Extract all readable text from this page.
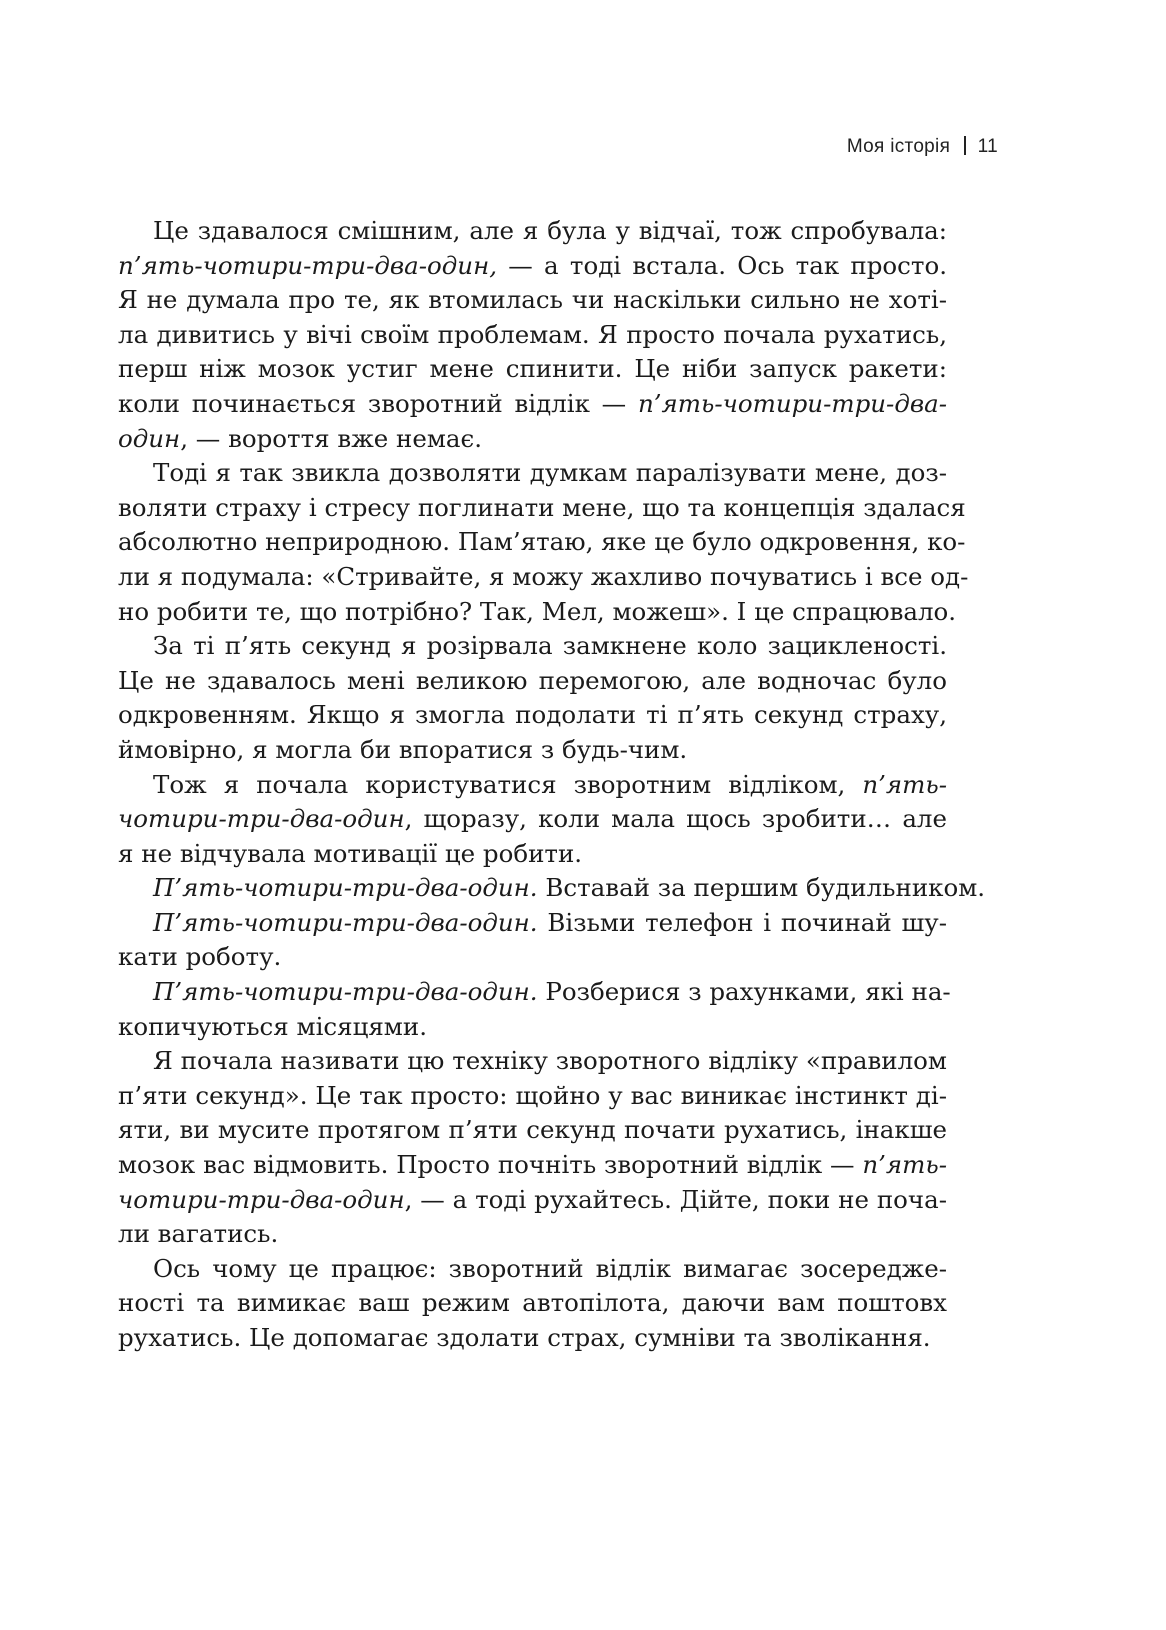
Моя історія 11

Це здавалося смішним, але я була у відчаї, тож спробувала:
п’ять-чотири-три-два-один, — а тоді встала. Ось так просто.
Я не думала про те, як втомилась чи наскільки сильно не хоті-
ла дивитись у вічі своїм проблемам. Я просто почала рухатись,
перш ніж мозок устиг мене спинити. Це ніби запуск ракети:
коли починається зворотний відлік — п’ять-чотири-три-два-
один, — вороття вже немає.

Тоді я так звикла дозволяти думкам паралізувати мене, доз-
воляти страху і стресу поглинати мене, що та концепція здалася
абсолютно неприродною. Пам’ятаю, яке це було одкровення, ко-
ли я подумала: «Стривайте, я можу жахливо почуватись і все од-
но робити те, що потрібно? Так, Мел, можеш». І це спрацювало.

За ті п’ять секунд я розірвала замкнене коло зацикленості.
Це не здавалось мені великою перемогою, але водночас було
одкровенням. Якщо я змогла подолати ті п’ять секунд страху,
ймовірно, я могла би впоратися з будь-чим.

Тож я почала користуватися зворотним відліком, п’ять-
чотири-три-два-один, щоразу, коли мала щось зробити… але
я не відчувала мотивації це робити.

П’ять-чотири-три-два-один. Вставай за першим будильником.

П’ять-чотири-три-два-один. Візьми телефон і починай шу-
кати роботу.

П’ять-чотири-три-два-один. Розберися з рахунками, які на-
копичуються місяцями.

Я почала називати цю техніку зворотного відліку «правилом
п’яти секунд». Це так просто: щойно у вас виникає інстинкт ді-
яти, ви мусите протягом п’яти секунд почати рухатись, інакше
мозок вас відмовить. Просто почніть зворотний відлік — п’ять-
чотири-три-два-один, — а тоді рухайтесь. Дійте, поки не поча-
ли вагатись.

Ось чому це працює: зворотний відлік вимагає зосередже-
ності та вимикає ваш режим автопілота, даючи вам поштовх
рухатись. Це допомагає здолати страх, сумніви та зволікання.
